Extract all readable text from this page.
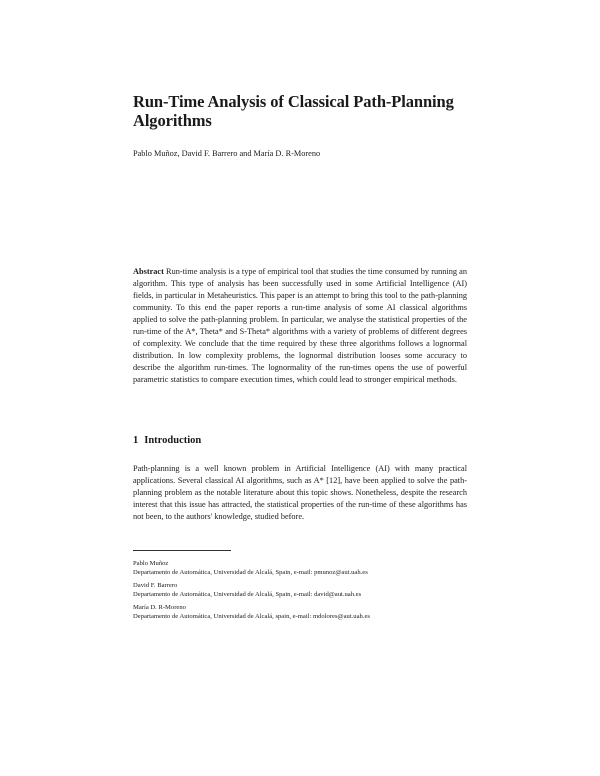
Run-Time Analysis of Classical Path-Planning Algorithms

Pablo Muñoz, David F. Barrero and María D. R-Moreno

Abstract Run-time analysis is a type of empirical tool that studies the time consumed by running an algorithm. This type of analysis has been successfully used in some Artificial Intelligence (AI) fields, in particular in Metaheuristics. This paper is an attempt to bring this tool to the path-planning community. To this end the paper reports a run-time analysis of some AI classical algorithms applied to solve the path-planning problem. In particular, we analyse the statistical properties of the run-time of the A*, Theta* and S-Theta* algorithms with a variety of problems of different degrees of complexity. We conclude that the time required by these three algorithms follows a lognormal distribution. In low complexity problems, the lognormal distribution looses some accuracy to describe the algorithm run-times. The lognormality of the run-times opens the use of powerful parametric statistics to compare execution times, which could lead to stronger empirical methods.

1 Introduction

Path-planning is a well known problem in Artificial Intelligence (AI) with many practical applications. Several classical AI algorithms, such as A* [12], have been applied to solve the path-planning problem as the notable literature about this topic shows. Nonetheless, despite the research interest that this issue has attracted, the statistical properties of the run-time of these algorithms has not been, to the authors' knowledge, studied before.

Pablo Muñoz
Departamento de Automática, Universidad de Alcalá, Spain, e-mail: pmunoz@aut.uah.es
David F. Barrero
Departamento de Automática, Universidad de Alcalá, Spain, e-mail: david@aut.uah.es
María D. R-Moreno
Departamento de Automática, Universidad de Alcalá, spain, e-mail: mdolores@aut.uah.es
